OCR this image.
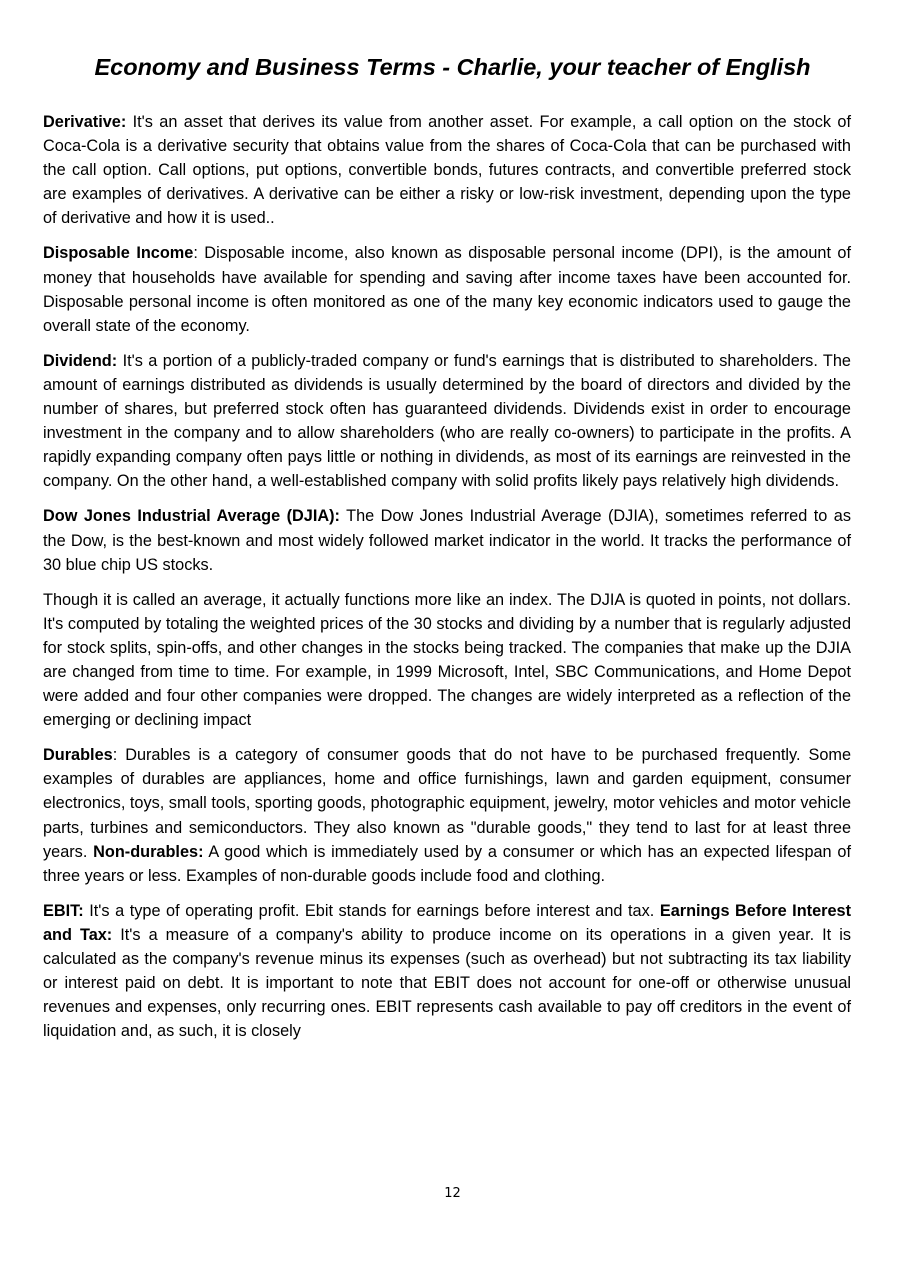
Economy and Business Terms - Charlie, your teacher of English

Derivative: It's an asset that derives its value from another asset. For example, a call option on the stock of Coca-Cola is a derivative security that obtains value from the shares of Coca-Cola that can be purchased with the call option. Call options, put options, convertible bonds, futures contracts, and convertible preferred stock are examples of derivatives. A derivative can be either a risky or low-risk investment, depending upon the type of derivative and how it is used..

Disposable Income: Disposable income, also known as disposable personal income (DPI), is the amount of money that households have available for spending and saving after income taxes have been accounted for. Disposable personal income is often monitored as one of the many key economic indicators used to gauge the overall state of the economy.

Dividend: It's a portion of a publicly-traded company or fund's earnings that is distributed to shareholders. The amount of earnings distributed as dividends is usually determined by the board of directors and divided by the number of shares, but preferred stock often has guaranteed dividends. Dividends exist in order to encourage investment in the company and to allow shareholders (who are really co-owners) to participate in the profits. A rapidly expanding company often pays little or nothing in dividends, as most of its earnings are reinvested in the company. On the other hand, a well-established company with solid profits likely pays relatively high dividends.

Dow Jones Industrial Average (DJIA): The Dow Jones Industrial Average (DJIA), sometimes referred to as the Dow, is the best-known and most widely followed market indicator in the world. It tracks the performance of 30 blue chip US stocks.

Though it is called an average, it actually functions more like an index. The DJIA is quoted in points, not dollars. It's computed by totaling the weighted prices of the 30 stocks and dividing by a number that is regularly adjusted for stock splits, spin-offs, and other changes in the stocks being tracked. The companies that make up the DJIA are changed from time to time. For example, in 1999 Microsoft, Intel, SBC Communications, and Home Depot were added and four other companies were dropped. The changes are widely interpreted as a reflection of the emerging or declining impact

Durables: Durables is a category of consumer goods that do not have to be purchased frequently. Some examples of durables are appliances, home and office furnishings, lawn and garden equipment, consumer electronics, toys, small tools, sporting goods, photographic equipment, jewelry, motor vehicles and motor vehicle parts, turbines and semiconductors. They also known as "durable goods," they tend to last for at least three years. Non-durables: A good which is immediately used by a consumer or which has an expected lifespan of three years or less. Examples of non-durable goods include food and clothing.

EBIT: It's a type of operating profit. Ebit stands for earnings before interest and tax. Earnings Before Interest and Tax: It's a measure of a company's ability to produce income on its operations in a given year. It is calculated as the company's revenue minus its expenses (such as overhead) but not subtracting its tax liability or interest paid on debt. It is important to note that EBIT does not account for one-off or otherwise unusual revenues and expenses, only recurring ones. EBIT represents cash available to pay off creditors in the event of liquidation and, as such, it is closely

12
